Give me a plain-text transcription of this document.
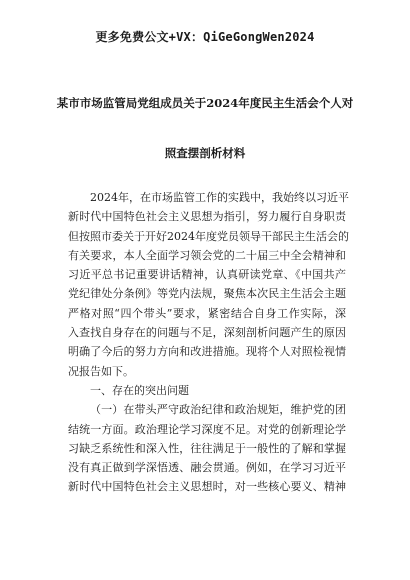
更多免费公文+VX：QiGeGongWen2024
某市市场监管局党组成员关于2024年度民主生活会个人对
照查摆剖析材料
2024年，在市场监管工作的实践中，我始终以习近平
新时代中国特色社会主义思想为指引，努力履行自身职责
但按照市委关于开好2024年度党员领导干部民主生活会的
有关要求，本人全面学习领会党的二十届三中全会精神和
习近平总书记重要讲话精神，认真研读党章、《中国共产
党纪律处分条例》等党内法规，聚焦本次民主生活会主题
严格对照“四个带头”要求，紧密结合自身工作实际，深
入查找自身存在的问题与不足，深刻剖析问题产生的原因
明确了今后的努力方向和改进措施。现将个人对照检视情
况报告如下。
一、存在的突出问题
（一）在带头严守政治纪律和政治规矩，维护党的团
结统一方面。政治理论学习深度不足。对党的创新理论学
习缺乏系统性和深入性，往往满足于一般性的了解和掌握
没有真正做到学深悟透、融会贯通。例如，在学习习近平
新时代中国特色社会主义思想时，对一些核心要义、精神
